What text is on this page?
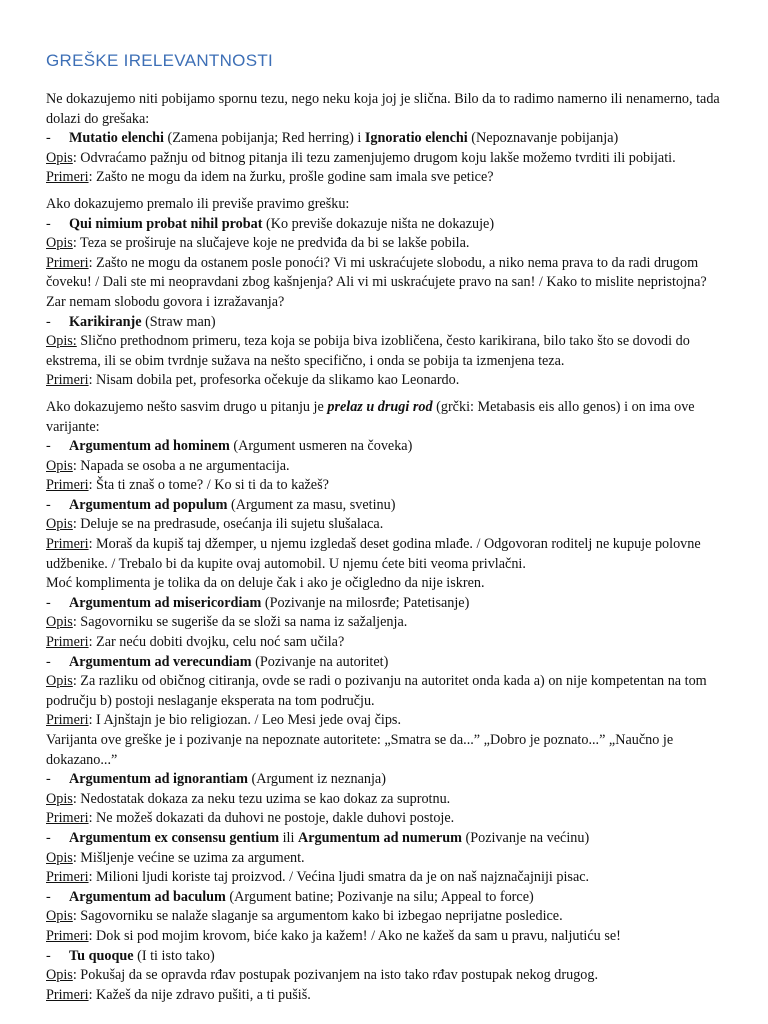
GREŠKE IRELEVANTNOSTI
Ne dokazujemo niti pobijamo spornu tezu, nego neku koja joj je slična. Bilo da to radimo namerno ili nenamerno, tada dolazi do grešaka:
- Mutatio elenchi (Zamena pobijanja; Red herring) i Ignoratio elenchi (Nepoznavanje pobijanja)
Opis: Odvraćamo pažnju od bitnog pitanja ili tezu zamenjujemo drugom koju lakše možemo tvrditi ili pobijati.
Primeri: Zašto ne mogu da idem na žurku, prošle godine sam imala sve petice?
Ako dokazujemo premalo ili previše pravimo grešku:
- Qui nimium probat nihil probat (Ko previše dokazuje ništa ne dokazuje)
Opis: Teza se proširuje na slučajeve koje ne predviđa da bi se lakše pobila.
Primeri: Zašto ne mogu da ostanem posle ponoći? Vi mi uskraćujete slobodu, a niko nema prava to da radi drugom čoveku! / Dali ste mi neopravdani zbog kašnjenja? Ali vi mi uskraćujete pravo na san! / Kako to mislite nepristojna? Zar nemam slobodu govora i izražavanja?
- Karikiranje (Straw man)
Opis: Slično prethodnom primeru, teza koja se pobija biva izobličena, često karikirana, bilo tako što se dovodi do ekstrema, ili se obim tvrdnje sužava na nešto specifično, i onda se pobija ta izmenjena teza.
Primeri: Nisam dobila pet, profesorka očekuje da slikamo kao Leonardo.
Ako dokazujemo nešto sasvim drugo u pitanju je prelaz u drugi rod (grčki: Metabasis eis allo genos) i on ima ove varijante:
- Argumentum ad hominem (Argument usmeren na čoveka)
Opis: Napada se osoba a ne argumentacija.
Primeri: Šta ti znaš o tome? / Ko si ti da to kažeš?
- Argumentum ad populum (Argument za masu, svetinu)
Opis: Deluje se na predrasude, osećanja ili sujetu slušalaca.
Primeri: Moraš da kupiš taj džemper, u njemu izgledaš deset godina mlađe. / Odgovoran roditelj ne kupuje polovne udžbenike. / Trebalo bi da kupite ovaj automobil. U njemu ćete biti veoma privlačni.
Moć komplimenta je tolika da on deluje čak i ako je očigledno da nije iskren.
- Argumentum ad misericordiam (Pozivanje na milosrđe; Patetisanje)
Opis: Sagovorniku se sugeriše da se složi sa nama iz sažaljenja.
Primeri: Zar neću dobiti dvojku, celu noć sam učila?
- Argumentum ad verecundiam (Pozivanje na autoritet)
Opis: Za razliku od običnog citiranja, ovde se radi o pozivanju na autoritet onda kada a) on nije kompetentan na tom području b) postoji neslaganje eksperata na tom području.
Primeri: I Ajnštajn je bio religiozan. / Leo Mesi jede ovaj čips.
Varijanta ove greške je i pozivanje na nepoznate autoritete: „Smatra se da...” „Dobro je poznato...” „Naučno je dokazano...”
- Argumentum ad ignorantiam (Argument iz neznanja)
Opis: Nedostatak dokaza za neku tezu uzima se kao dokaz za suprotnu.
Primeri: Ne možeš dokazati da duhovi ne postoje, dakle duhovi postoje.
- Argumentum ex consensu gentium ili Argumentum ad numerum (Pozivanje na većinu)
Opis: Mišljenje većine se uzima za argument.
Primeri: Milioni ljudi koriste taj proizvod. / Većina ljudi smatra da je on naš najznačajniji pisac.
- Argumentum ad baculum (Argument batine; Pozivanje na silu; Appeal to force)
Opis: Sagovorniku se nalaže slaganje sa argumentom kako bi izbegao neprijatne posledice.
Primeri: Dok si pod mojim krovom, biće kako ja kažem! / Ako ne kažeš da sam u pravu, naljutiću se!
- Tu quoque (I ti isto tako)
Opis: Pokušaj da se opravda rđav postupak pozivanjem na isto tako rđav postupak nekog drugog.
Primeri: Kažeš da nije zdravo pušiti, a ti pušiš.
